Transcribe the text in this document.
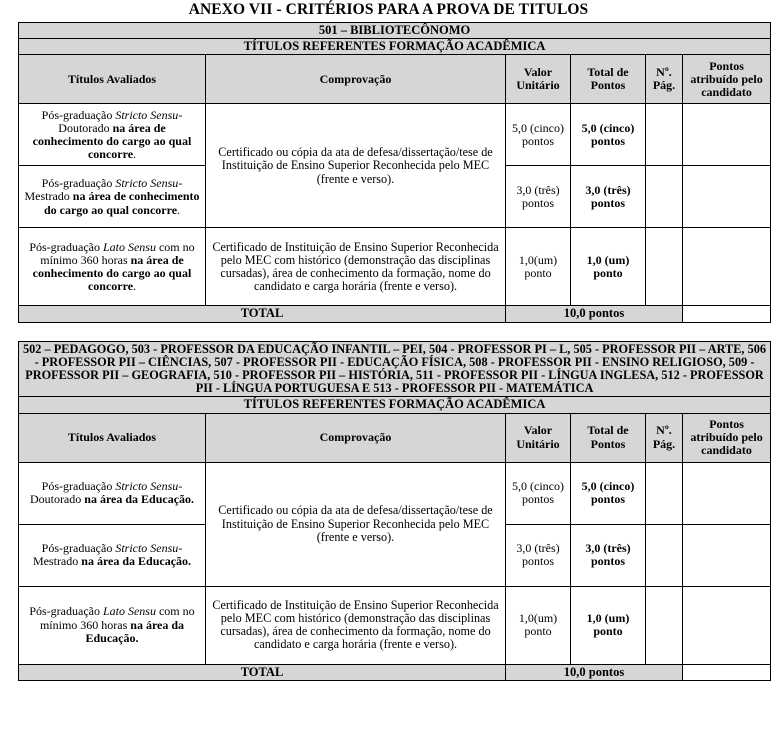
ANEXO VII - CRITÉRIOS PARA A PROVA DE TITULOS
501 – BIBLIOTECÔNOMO					
TÍTULOS REFERENTES FORMAÇÃO ACADÊMICA					
Títulos Avaliados	Comprovação	Valor Unitário	Total de Pontos	Nº. Pág.	Pontos atribuído pelo candidato
Pós-graduação Stricto Sensu-Doutorado na área de conhecimento do cargo ao qual concorre.	Certificado ou cópia da ata de defesa/dissertação/tese de Instituição de Ensino Superior Reconhecida pelo MEC (frente e verso).	5,0 (cinco) pontos	5,0 (cinco) pontos		
Pós-graduação Stricto Sensu-Mestrado na área de conhecimento do cargo ao qual concorre.		3,0 (três) pontos	3,0 (três) pontos		
Pós-graduação Lato Sensu com no mínimo 360 horas na área de conhecimento do cargo ao qual concorre.	Certificado de Instituição de Ensino Superior Reconhecida pelo MEC com histórico (demonstração das disciplinas cursadas), área de conhecimento da formação, nome do candidato e carga horária (frente e verso).	1,0(um) ponto	1,0 (um) ponto		
TOTAL		10,0 pontos			
502 – PEDAGOGO, 503 - PROFESSOR DA EDUCAÇÃO INFANTIL – PEI, 504 - PROFESSOR PI – L, 505 - PROFESSOR PII – ARTE, 506 - PROFESSOR PII – CIÊNCIAS, 507 - PROFESSOR PII - EDUCAÇÃO FÍSICA, 508 - PROFESSOR PII - ENSINO RELIGIOSO, 509 - PROFESSOR PII – GEOGRAFIA, 510 - PROFESSOR PII – HISTÓRIA, 511 - PROFESSOR PII - LÍNGUA INGLESA, 512 - PROFESSOR PII - LÍNGUA PORTUGUESA E 513 - PROFESSOR PII - MATEMÁTICA					
TÍTULOS REFERENTES FORMAÇÃO ACADÊMICA					
Títulos Avaliados	Comprovação	Valor Unitário	Total de Pontos	Nº. Pág.	Pontos atribuído pelo candidato
Pós-graduação Stricto Sensu-Doutorado na área da Educação.	Certificado ou cópia da ata de defesa/dissertação/tese de Instituição de Ensino Superior Reconhecida pelo MEC (frente e verso).	5,0 (cinco) pontos	5,0 (cinco) pontos		
Pós-graduação Stricto Sensu-Mestrado na área da Educação.		3,0 (três) pontos	3,0 (três) pontos		
Pós-graduação Lato Sensu com no mínimo 360 horas na área da Educação.	Certificado de Instituição de Ensino Superior Reconhecida pelo MEC com histórico (demonstração das disciplinas cursadas), área de conhecimento da formação, nome do candidato e carga horária (frente e verso).	1,0(um) ponto	1,0 (um) ponto		
TOTAL		10,0 pontos			
